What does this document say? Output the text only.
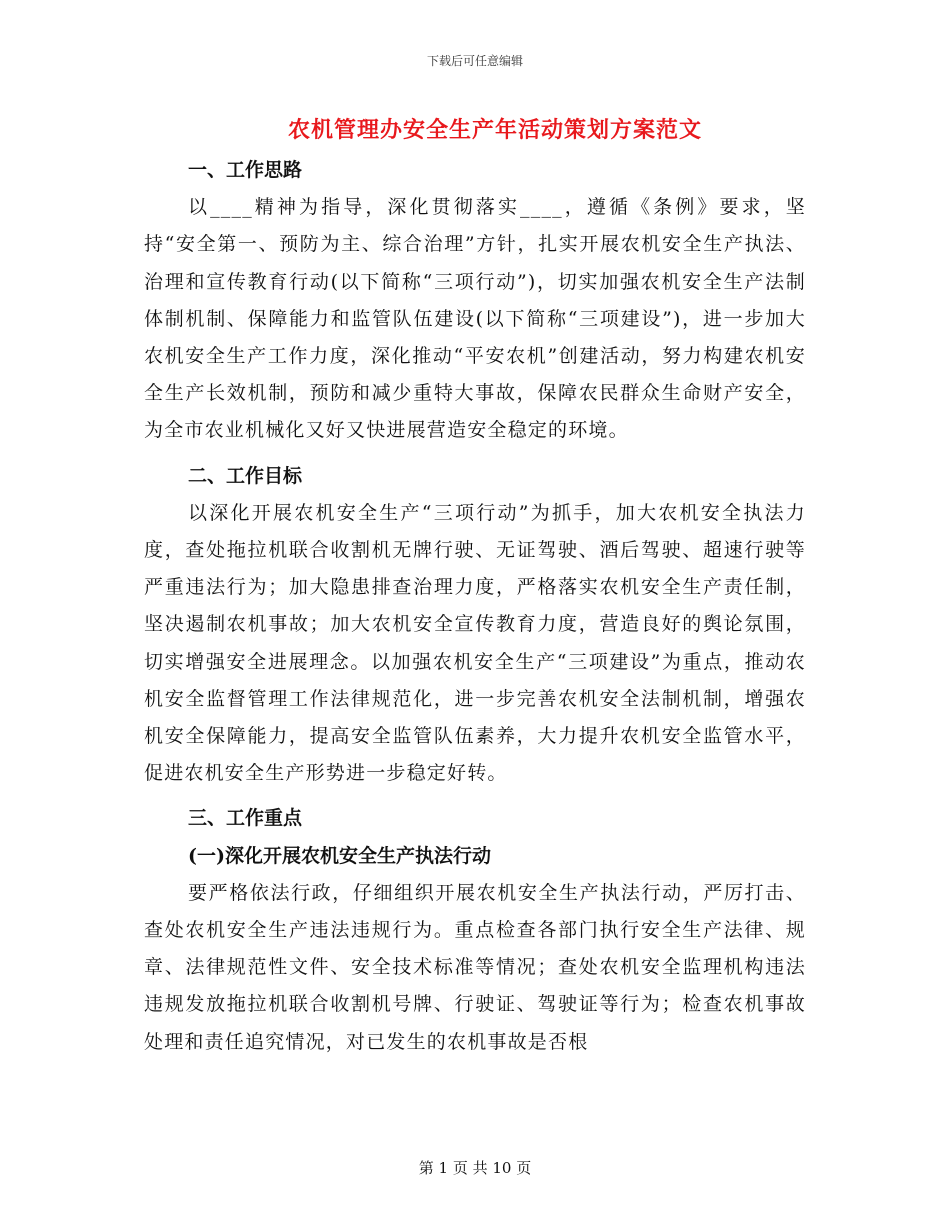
下载后可任意编辑
农机管理办安全生产年活动策划方案范文
一、工作思路

以____精神为指导，深化贯彻落实____，遵循《条例》要求，坚持“安全第一、预防为主、综合治理”方针，扎实开展农机安全生产执法、治理和宣传教育行动(以下简称“三项行动”)，切实加强农机安全生产法制体制机制、保障能力和监管队伍建设(以下简称“三项建设”)，进一步加大农机安全生产工作力度，深化推动“平安农机”创建活动，努力构建农机安全生产长效机制，预防和减少重特大事故，保障农民群众生命财产安全，为全市农业机械化又好又快进展营造安全稳定的环境。

二、工作目标

以深化开展农机安全生产“三项行动”为抓手，加大农机安全执法力度，查处拖拉机联合收割机无牌行驶、无证驾驶、酒后驾驶、超速行驶等严重违法行为；加大隐患排查治理力度，严格落实农机安全生产责任制，坚决遏制农机事故；加大农机安全宣传教育力度，营造良好的舆论氛围，切实增强安全进展理念。以加强农机安全生产“三项建设”为重点，推动农机安全监督管理工作法律规范化，进一步完善农机安全法制机制，增强农机安全保障能力，提高安全监管队伍素养，大力提升农机安全监管水平，促进农机安全生产形势进一步稳定好转。

三、工作重点
(一)深化开展农机安全生产执法行动

要严格依法行政，仔细组织开展农机安全生产执法行动，严厉打击、查处农机安全生产违法违规行为。重点检查各部门执行安全生产法律、规章、法律规范性文件、安全技术标准等情况；查处农机安全监理机构违法违规发放拖拉机联合收割机号牌、行驶证、驾驶证等行为；检查农机事故处理和责任追究情况，对已发生的农机事故是否根

第 1 页 共 10 页
